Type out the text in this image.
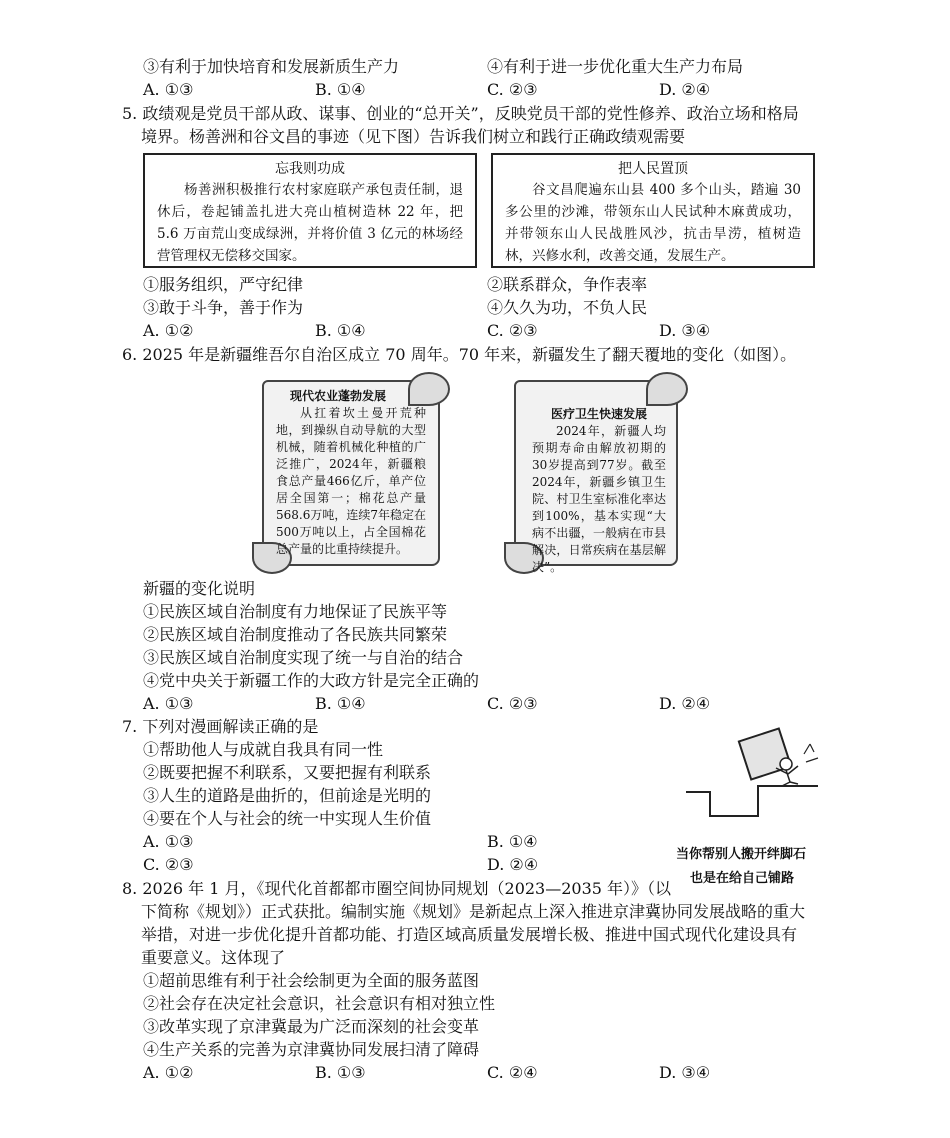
③有利于加快培育和发展新质生产力	④有利于进一步优化重大生产力布局
A. ①③	B. ①④	C. ②③	D. ②④
5. 政绩观是党员干部从政、谋事、创业的“总开关”，反映党员干部的党性修养、政治立场和格局
境界。杨善洲和谷文昌的事迹（见下图）告诉我们树立和践行正确政绩观需要
忘我则功成
杨善洲积极推行农村家庭联产承包责任制，退休后，卷起铺盖扎进大亮山植树造林 22 年，把 5.6 万亩荒山变成绿洲，并将价值 3 亿元的林场经营管理权无偿移交国家。
把人民置顶
谷文昌爬遍东山县 400 多个山头，踏遍 30 多公里的沙滩，带领东山人民试种木麻黄成功，并带领东山人民战胜风沙，抗击旱涝，植树造林，兴修水利，改善交通，发展生产。
①服务组织，严守纪律	②联系群众，争作表率
③敢于斗争，善于作为	④久久为功，不负人民
A. ①②	B. ①④	C. ②③	D. ③④
6. 2025 年是新疆维吾尔自治区成立 70 周年。70 年来，新疆发生了翻天覆地的变化（如图）。
现代农业蓬勃发展
从扛着坎土曼开荒种地，到操纵自动导航的大型机械，随着机械化种植的广泛推广，2024年，新疆粮食总产量466亿斤，单产位居全国第一；棉花总产量568.6万吨，连续7年稳定在500万吨以上，占全国棉花总产量的比重持续提升。
医疗卫生快速发展
2024年，新疆人均预期寿命由解放初期的30岁提高到77岁。截至2024年，新疆乡镇卫生院、村卫生室标准化率达到100%，基本实现“大病不出疆，一般病在市县解决，日常疾病在基层解决”。
新疆的变化说明
①民族区域自治制度有力地保证了民族平等
②民族区域自治制度推动了各民族共同繁荣
③民族区域自治制度实现了统一与自治的结合
④党中央关于新疆工作的大政方针是完全正确的
A. ①③	B. ①④	C. ②③	D. ②④
7. 下列对漫画解读正确的是
①帮助他人与成就自我具有同一性
②既要把握不利联系，又要把握有利联系
③人生的道路是曲折的，但前途是光明的
④要在个人与社会的统一中实现人生价值
A. ①③	B. ①④
C. ②③	D. ②④
当你帮别人搬开绊脚石
也是在给自己铺路
8. 2026 年 1 月，《现代化首都都市圈空间协同规划（2023—2035 年）》（以
下简称《规划》）正式获批。编制实施《规划》是新起点上深入推进京津冀协同发展战略的重大
举措，对进一步优化提升首都功能、打造区域高质量发展增长极、推进中国式现代化建设具有
重要意义。这体现了
①超前思维有利于社会绘制更为全面的服务蓝图
②社会存在决定社会意识，社会意识有相对独立性
③改革实现了京津冀最为广泛而深刻的社会变革
④生产关系的完善为京津冀协同发展扫清了障碍
A. ①②	B. ①③	C. ②④	D. ③④
